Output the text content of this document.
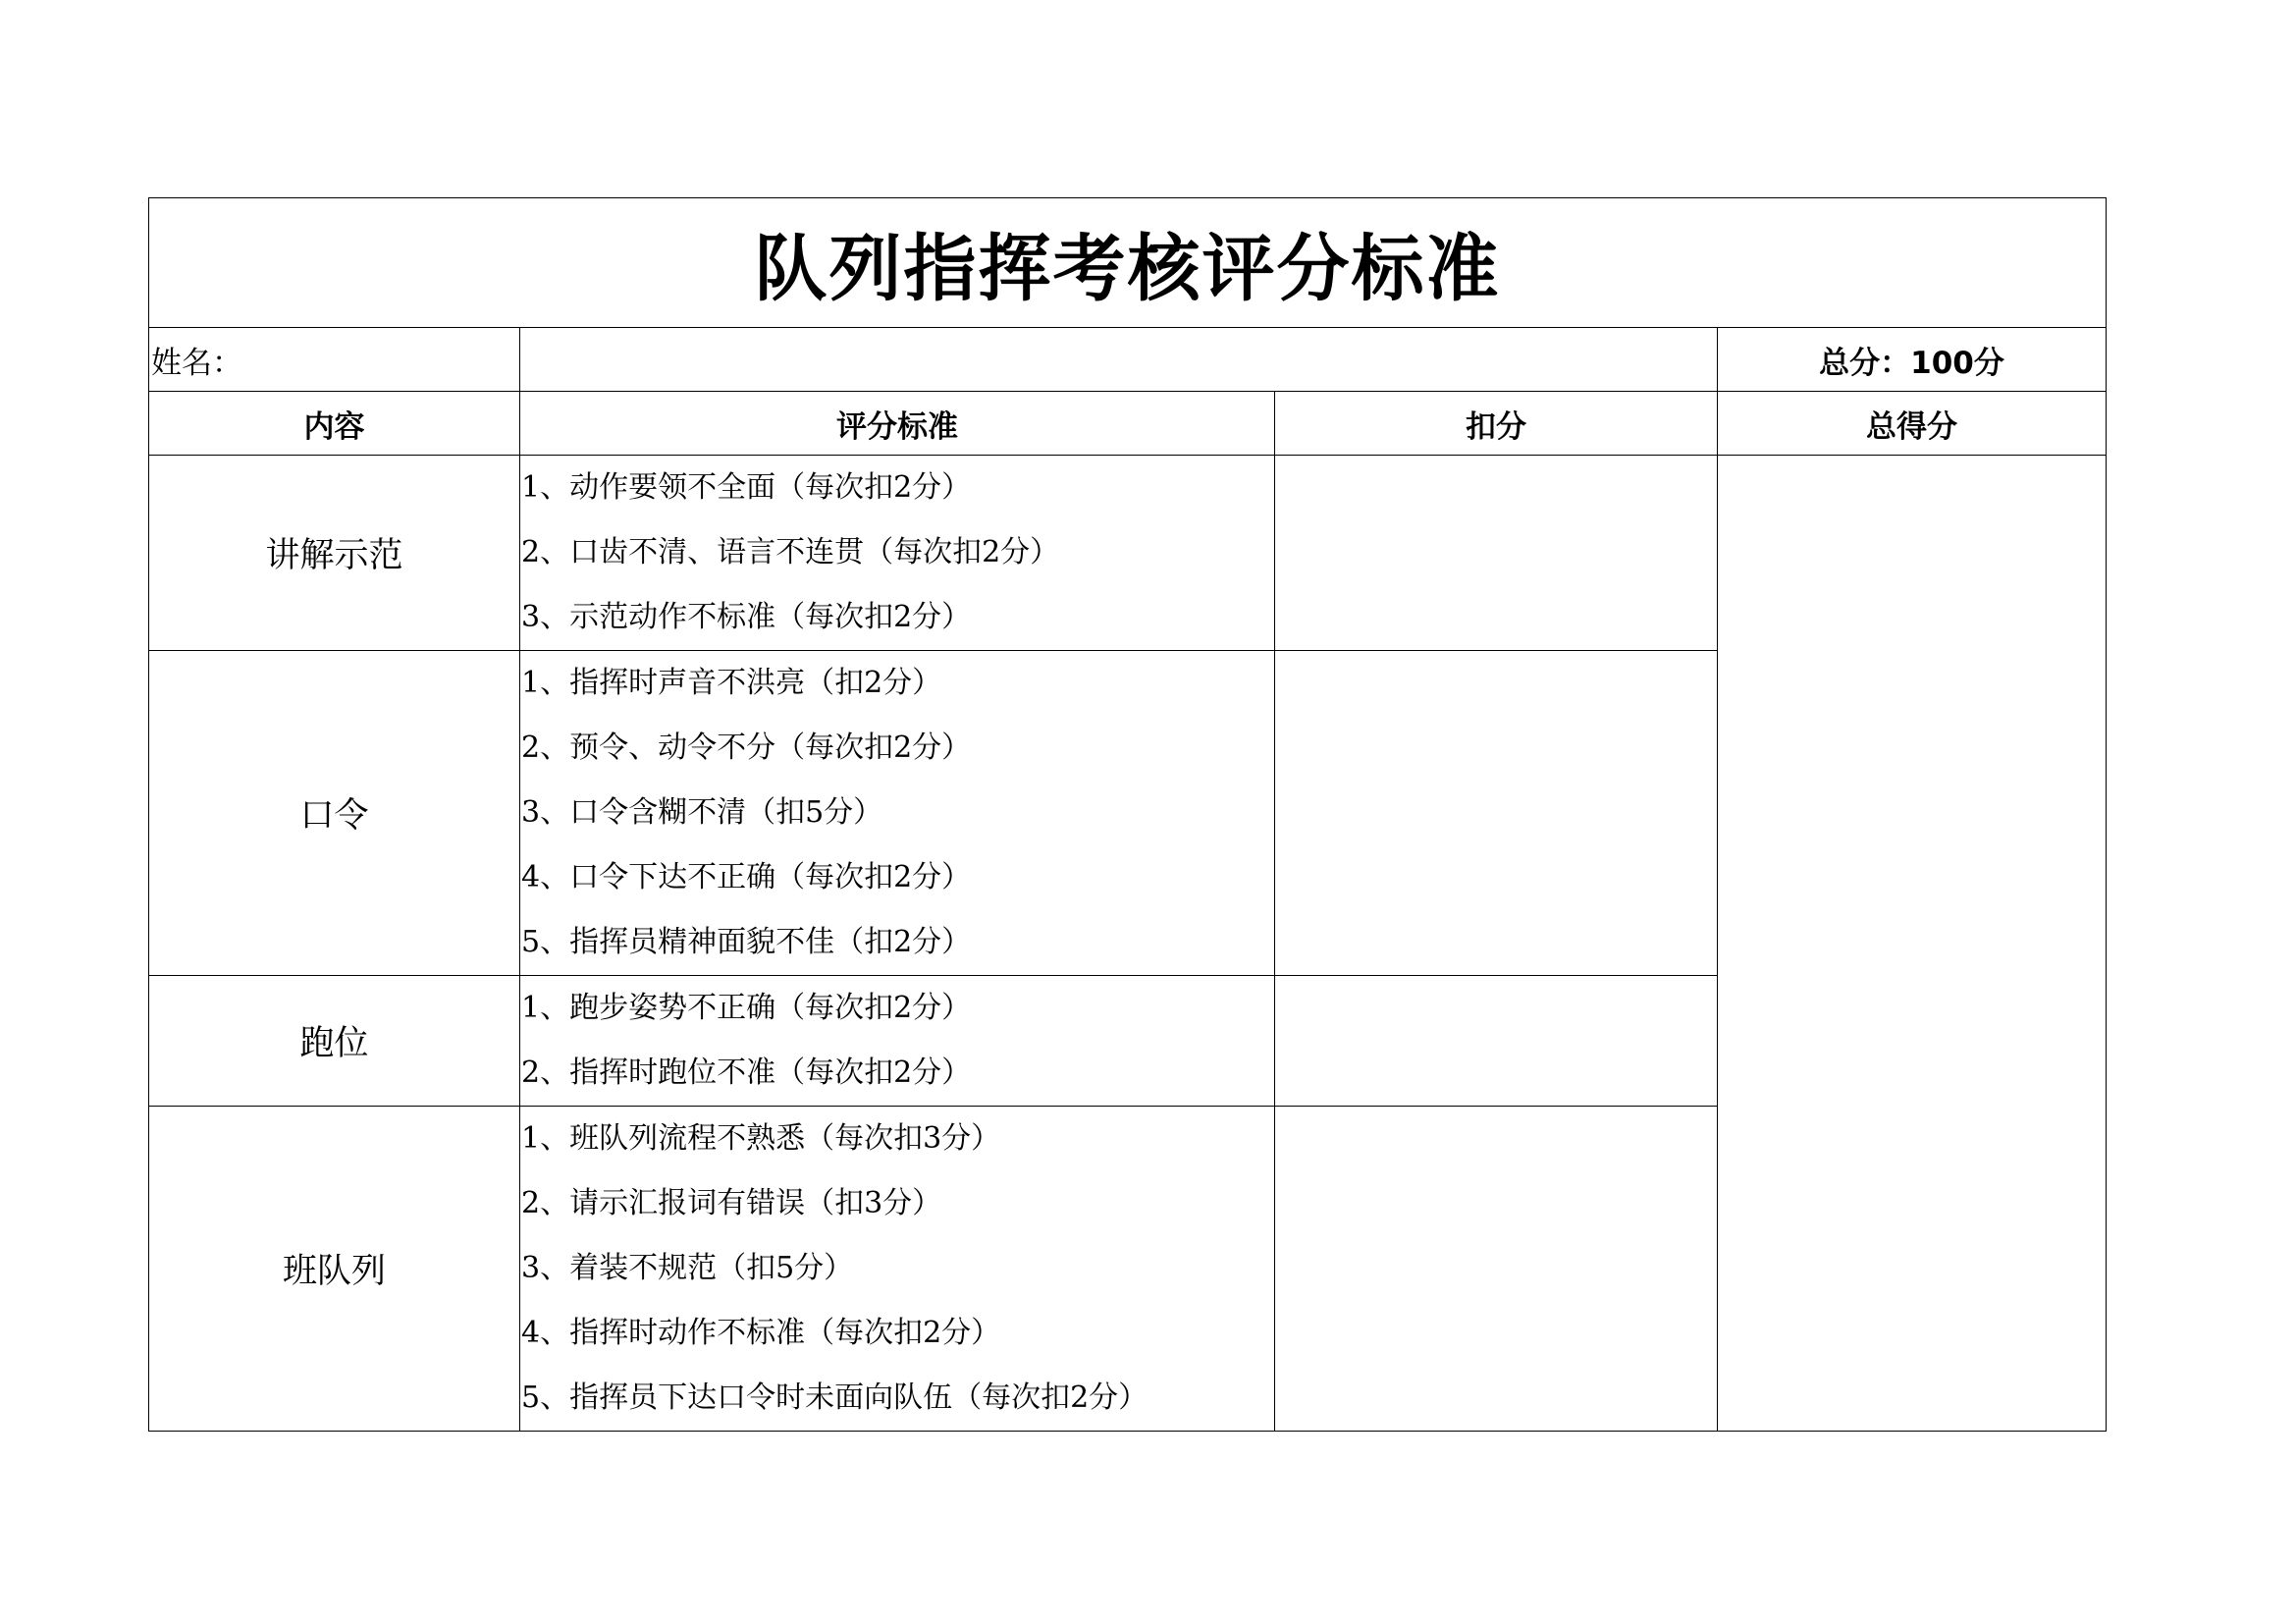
队列指挥考核评分标准			
姓名：			总分：100分
内容	评分标准	扣分	总得分
讲解示范	1、动作要领不全面（每次扣2分）
2、口齿不清、语言不连贯（每次扣2分）
3、示范动作不标准（每次扣2分）		

口令	1、指挥时声音不洪亮（扣2分）
2、预令、动令不分（每次扣2分）
3、口令含糊不清（扣5分）
4、口令下达不正确（每次扣2分）
5、指挥员精神面貌不佳（扣2分）		

跑位	1、跑步姿势不正确（每次扣2分）
2、指挥时跑位不准（每次扣2分）		

班队列	1、班队列流程不熟悉（每次扣3分）
2、请示汇报词有错误（扣3分）
3、着装不规范（扣5分）
4、指挥时动作不标准（每次扣2分）
5、指挥员下达口令时未面向队伍（每次扣2分）		
